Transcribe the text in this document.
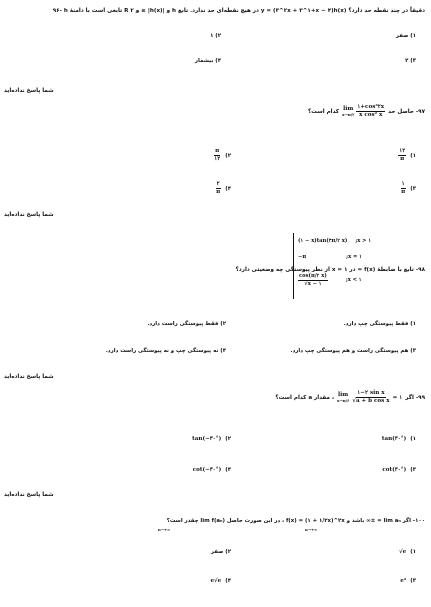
۹۶- h تابعی است با دامنهٔ R و ۲ ≥ |h(x)| و h در هیچ نقطه‌ای حد ندارد. تابع y = (۳^۲x + ۳^۱+x − ۴)h(x) دقیقاً در چند نقطه حد دارد؟
۱) صفر
۲) ۱
۳) ۲
۴) بیشمار
شما پاسخ نداده‌اید
۹۷- حاصل حد
lim
x→π/۲ $\frac{\text{۱+cos³۲x}}{\text{x cos² x}}$
کدام است؟
۱)
$\frac{۱۲}{\pi}$
۲)
$\frac{\pi}{۱۲}$
۳)
$\frac{۱}{\pi}$
۴)
$\frac{۲}{\pi}$
شما پاسخ نداده‌اید
۹۸- تابع با ضابطهٔ f(x) = در x = ۱ از نظر پیوستگی چه وضعیتی دارد؟
(۱ − x)tan(۳π/۲ x) ;x > ۱
−π	;x = ۱
$\frac{\cos(\pi/۲ x)}{√x - ۱}$	;x < ۱
۱) فقط پیوستگی چپ دارد.
۲) فقط پیوستگی راست دارد.
۳) هم پیوستگی راست و هم پیوستگی چپ دارد.
۴) نه پیوستگی چپ و نه پیوستگی راست دارد.
شما پاسخ نداده‌اید
۹۹- اگر
lim
x→π/۶ $\frac{\text{۱−۲ sin x}}{\text{√a + b cos x}}$ = ۱
، مقدار a کدام است؟
۱)
tan(۳۰°)
۲)
tan(−۳۰°)
۳)
cot(۳۰°)
۴)
cot(−۳۰°)
شما پاسخ نداده‌اید
۱۰۰- اگر lim aₙ = ±∞ باشد و f(x) = (۱ + ۱/۲x)^۲x ، در این صورت حاصل lim f(aₙ) چقدر است؟
n→+∞	n→+∞
۱)
√e
۲) صفر
۳)
e²
۴)
e√e
